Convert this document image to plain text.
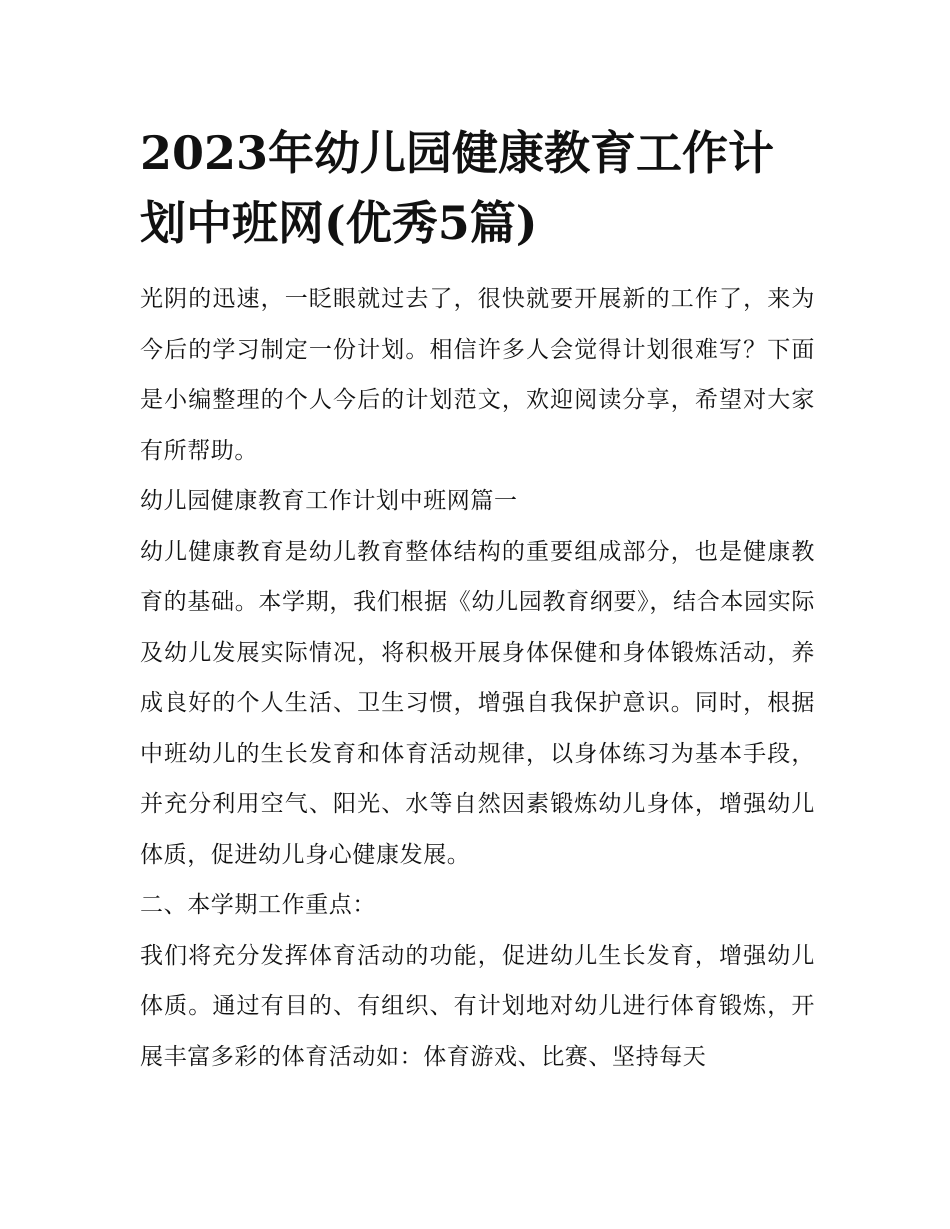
2023年幼儿园健康教育工作计划中班网(优秀5篇)

光阴的迅速，一眨眼就过去了，很快就要开展新的工作了，来为今后的学习制定一份计划。相信许多人会觉得计划很难写？下面是小编整理的个人今后的计划范文，欢迎阅读分享，希望对大家有所帮助。

幼儿园健康教育工作计划中班网篇一

幼儿健康教育是幼儿教育整体结构的重要组成部分，也是健康教育的基础。本学期，我们根据《幼儿园教育纲要》，结合本园实际及幼儿发展实际情况，将积极开展身体保健和身体锻炼活动，养成良好的个人生活、卫生习惯，增强自我保护意识。同时，根据中班幼儿的生长发育和体育活动规律，以身体练习为基本手段，并充分利用空气、阳光、水等自然因素锻炼幼儿身体，增强幼儿体质，促进幼儿身心健康发展。

二、本学期工作重点：

我们将充分发挥体育活动的功能，促进幼儿生长发育，增强幼儿体质。通过有目的、有组织、有计划地对幼儿进行体育锻炼，开展丰富多彩的体育活动如：体育游戏、比赛、坚持每天
